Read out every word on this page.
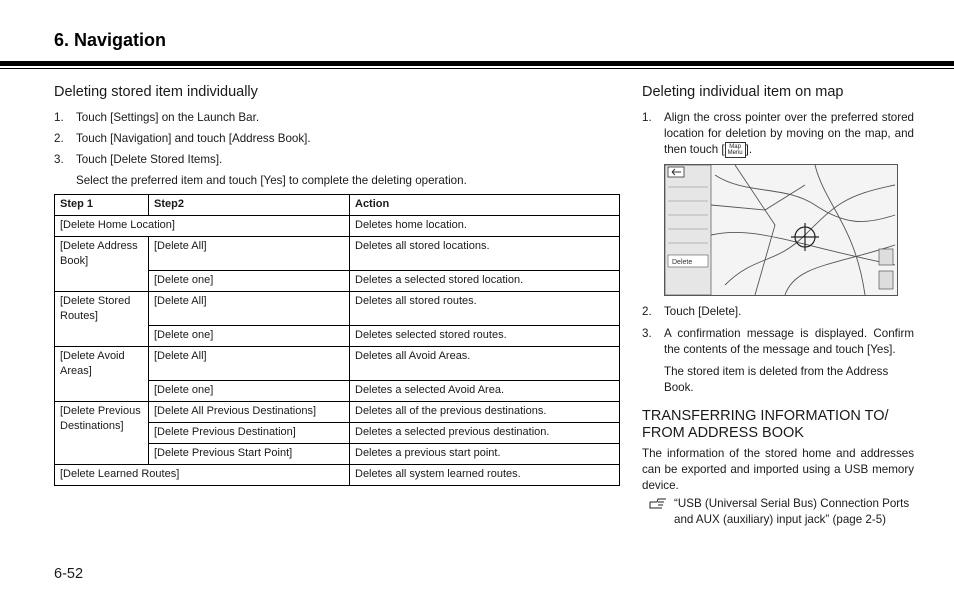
6. Navigation
Deleting stored item individually
1. Touch [Settings] on the Launch Bar.
2. Touch [Navigation] and touch [Address Book].
3. Touch [Delete Stored Items].
Select the preferred item and touch [Yes] to complete the deleting operation.
Step 1	Step2	Action
[Delete Home Location]		Deletes home location.
[Delete Address Book]	[Delete All]	Deletes all stored locations.
	[Delete one]	Deletes a selected stored location.
[Delete Stored Routes]	[Delete All]	Deletes all stored routes.
	[Delete one]	Deletes selected stored routes.
[Delete Avoid Areas]	[Delete All]	Deletes all Avoid Areas.
	[Delete one]	Deletes a selected Avoid Area.
[Delete Previous Destinations]	[Delete All Previous Destinations]	Deletes all of the previous destinations.
	[Delete Previous Destination]	Deletes a selected previous destination.
	[Delete Previous Start Point]	Deletes a previous start point.
[Delete Learned Routes]		Deletes all system learned routes.
Deleting individual item on map
1. Align the cross pointer over the preferred stored location for deletion by moving on the map, and then touch [ Map
Menu ].
Delete
2. Touch [Delete].
3. A confirmation message is displayed. Confirm the contents of the message and touch [Yes].
The stored item is deleted from the Address Book.
TRANSFERRING INFORMATION TO/ FROM ADDRESS BOOK

The information of the stored home and addresses can be exported and imported using a USB memory device.

“USB (Universal Serial Bus) Connection Ports and AUX (auxiliary) input jack” (page 2-5)
6-52
